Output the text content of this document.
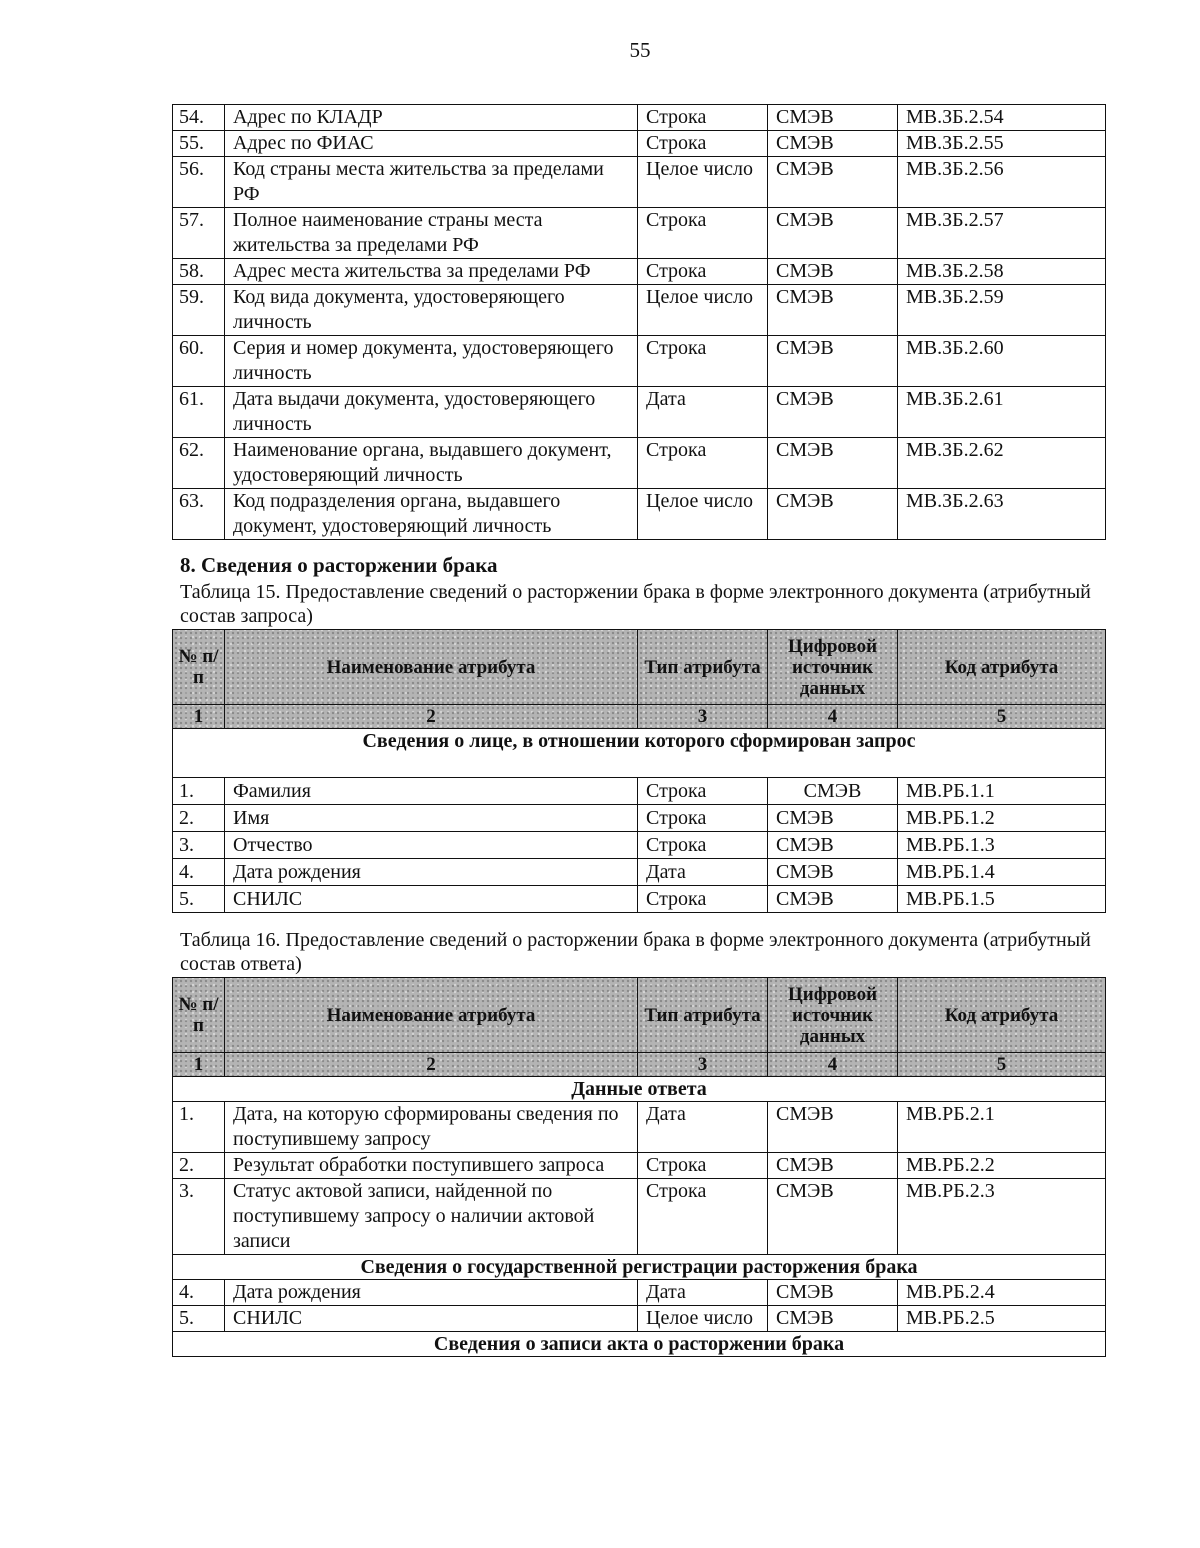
55
54.	Адрес по КЛАДР	Строка	СМЭВ	МВ.ЗБ.2.54
55.	Адрес по ФИАС	Строка	СМЭВ	МВ.ЗБ.2.55
56.	Код страны места жительства за пределами РФ	Целое число	СМЭВ	МВ.ЗБ.2.56
57.	Полное наименование страны места жительства за пределами РФ	Строка	СМЭВ	МВ.ЗБ.2.57
58.	Адрес места жительства за пределами РФ	Строка	СМЭВ	МВ.ЗБ.2.58
59.	Код вида документа, удостоверяющего личность	Целое число	СМЭВ	МВ.ЗБ.2.59
60.	Серия и номер документа, удостоверяющего личность	Строка	СМЭВ	МВ.ЗБ.2.60
61.	Дата выдачи документа, удостоверяющего личность	Дата	СМЭВ	МВ.ЗБ.2.61
62.	Наименование органа, выдавшего документ, удостоверяющий личность	Строка	СМЭВ	МВ.ЗБ.2.62
63.	Код подразделения органа, выдавшего документ, удостоверяющий личность	Целое число	СМЭВ	МВ.ЗБ.2.63
8. Сведения о расторжении брака
Таблица 15. Предоставление сведений о расторжении брака в форме электронного документа (атрибутный состав запроса)
№ п/п	Наименование атрибута	Тип атрибута	Цифровой источник данных	Код атрибута
1	2	3	4	5
Сведения о лице, в отношении которого сформирован запрос				
1.	Фамилия	Строка	СМЭВ	МВ.РБ.1.1
2.	Имя	Строка	СМЭВ	МВ.РБ.1.2
3.	Отчество	Строка	СМЭВ	МВ.РБ.1.3
4.	Дата рождения	Дата	СМЭВ	МВ.РБ.1.4
5.	СНИЛС	Строка	СМЭВ	МВ.РБ.1.5
Таблица 16. Предоставление сведений о расторжении брака в форме электронного документа (атрибутный состав ответа)
№ п/п	Наименование атрибута	Тип атрибута	Цифровой источник данных	Код атрибута
1	2	3	4	5
Данные ответа				
1.	Дата, на которую сформированы сведения по поступившему запросу	Дата	СМЭВ	МВ.РБ.2.1
2.	Результат обработки поступившего запроса	Строка	СМЭВ	МВ.РБ.2.2
3.	Статус актовой записи, найденной по поступившему запросу о наличии актовой записи	Строка	СМЭВ	МВ.РБ.2.3
Сведения о государственной регистрации расторжения брака				
4.	Дата рождения	Дата	СМЭВ	МВ.РБ.2.4
5.	СНИЛС	Целое число	СМЭВ	МВ.РБ.2.5
Сведения о записи акта о расторжении брака				
